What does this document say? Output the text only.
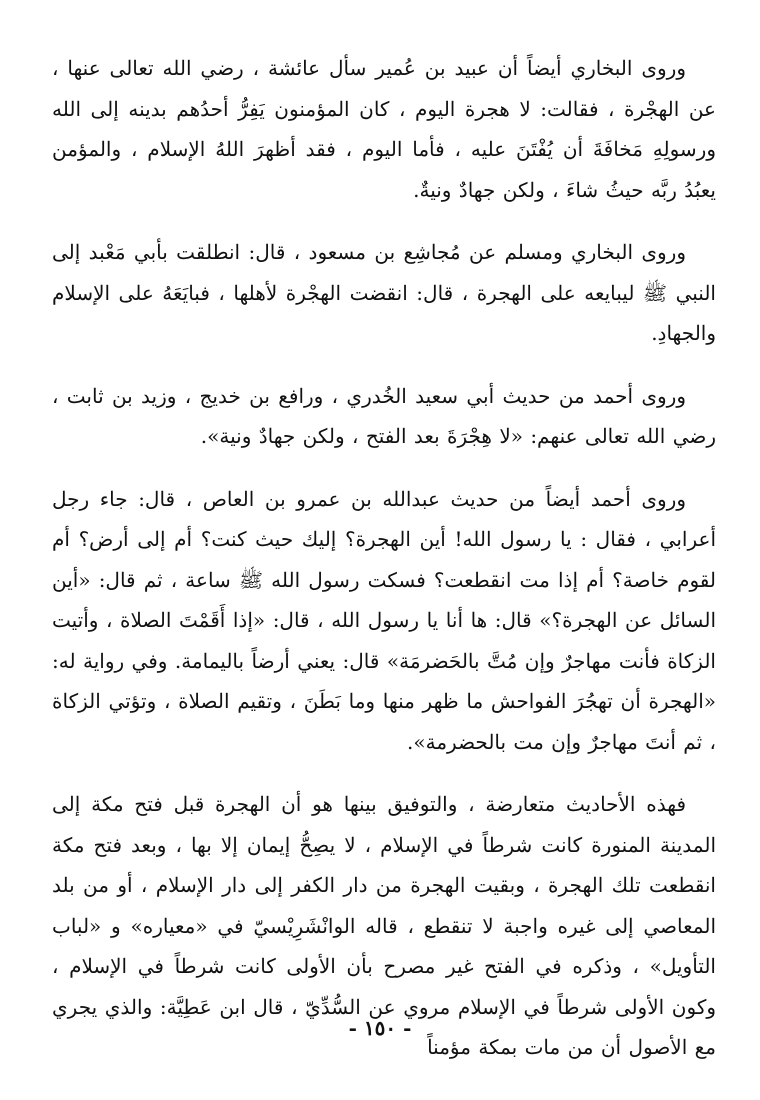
وروى البخاري أيضاً أن عبيد بن عُمير سأل عائشة ، رضي الله تعالى عنها ، عن الهجْرة ، فقالت: لا هجرة اليوم ، كان المؤمنون يَفِرُّ أحدُهم بدينه إلى الله ورسولِهِ مَخافَةَ أن يُفْتَنَ عليه ، فأما اليوم ، فقد أظهرَ اللهُ الإسلام ، والمؤمن يعبُدُ ربَّه حيثُ شاءَ ، ولكن جهادٌ ونيةٌ.

وروى البخاري ومسلم عن مُجاشِع بن مسعود ، قال: انطلقت بأبي مَعْبد إلى النبي ﷺ ليبايعه على الهجرة ، قال: انقضت الهجْرة لأهلها ، فبايَعَهُ على الإسلام والجهادِ.

وروى أحمد من حديث أبي سعيد الخُدري ، ورافع بن خديج ، وزيد بن ثابت ، رضي الله تعالى عنهم: «لا هِجْرَةَ بعد الفتح ، ولكن جهادٌ ونية».

وروى أحمد أيضاً من حديث عبدالله بن عمرو بن العاص ، قال: جاء رجل أعرابي ، فقال : يا رسول الله! أين الهجرة؟ إليك حيث كنت؟ أم إلى أرض؟ أم لقوم خاصة؟ أم إذا مت انقطعت؟ فسكت رسول الله ﷺ ساعة ، ثم قال: «أين السائل عن الهجرة؟» قال: ها أنا يا رسول الله ، قال: «إذا أَقَمْتَ الصلاة ، وأتيت الزكاة فأنت مهاجرٌ وإن مُتَّ بالحَضرمَة» قال: يعني أرضاً باليمامة. وفي رواية له: «الهجرة أن تهجُرَ الفواحش ما ظهر منها وما بَطَنَ ، وتقيم الصلاة ، وتؤتي الزكاة ، ثم أنتَ مهاجرٌ وإن مت بالحضرمة».

فهذه الأحاديث متعارضة ، والتوفيق بينها هو أن الهجرة قبل فتح مكة إلى المدينة المنورة كانت شرطاً في الإسلام ، لا يصِحُّ إيمان إلا بها ، وبعد فتح مكة انقطعت تلك الهجرة ، وبقيت الهجرة من دار الكفر إلى دار الإسلام ، أو من بلد المعاصي إلى غيره واجبة لا تنقطع ، قاله الوانْشَرِيْسيّ في «معياره» و «لباب التأويل» ، وذكره في الفتح غير مصرح بأن الأولى كانت شرطاً في الإسلام ، وكون الأولى شرطاً في الإسلام مروي عن السُّدِّيّ ، قال ابن عَطِيَّة: والذي يجري مع الأصول أن من مات بمكة مؤمناً

- ١٥٠ -
